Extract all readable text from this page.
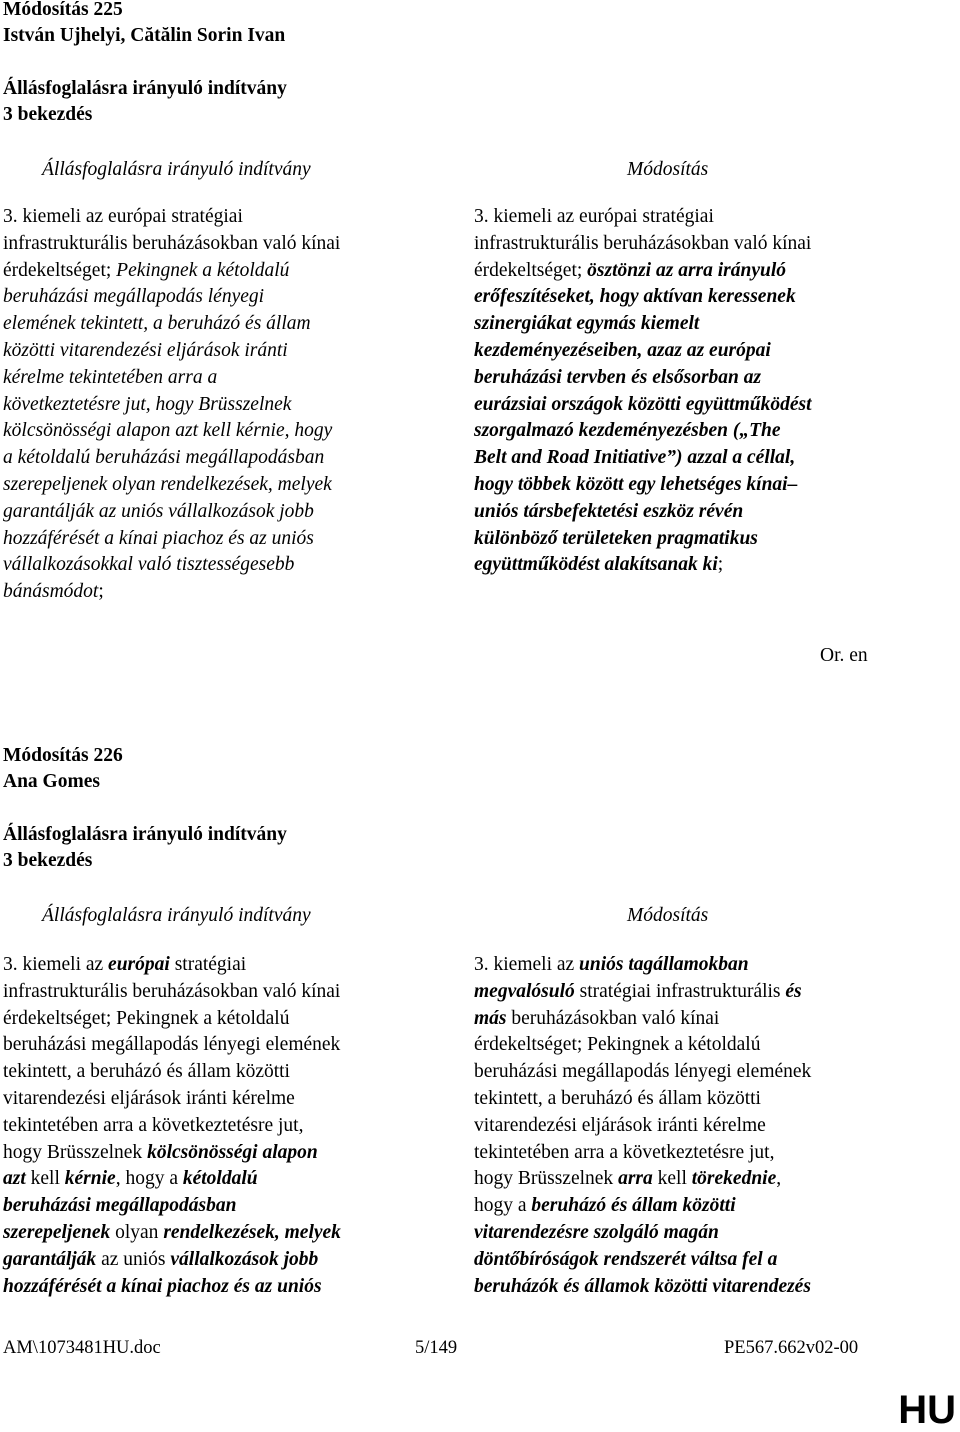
Módosítás 225
István Ujhelyi, Cătălin Sorin Ivan
Állásfoglalásra irányuló indítvány
3 bekezdés
Állásfoglalásra irányuló indítvány	Módosítás
3. kiemeli az európai stratégiai
infrastrukturális beruházásokban való kínai
érdekeltséget; Pekingnek a kétoldalú
beruházási megállapodás lényegi
elemének tekintett, a beruházó és állam
közötti vitarendezési eljárások iránti
kérelme tekintetében arra a
következtetésre jut, hogy Brüsszelnek
kölcsönösségi alapon azt kell kérnie, hogy
a kétoldalú beruházási megállapodásban
szerepeljenek olyan rendelkezések, melyek
garantálják az uniós vállalkozások jobb
hozzáférését a kínai piachoz és az uniós
vállalkozásokkal való tisztességesebb
bánásmódot;
3. kiemeli az európai stratégiai
infrastrukturális beruházásokban való kínai
érdekeltséget; ösztönzi az arra irányuló
erőfeszítéseket, hogy aktívan keressenek
szinergiákat egymás kiemelt
kezdeményezéseiben, azaz az európai
beruházási tervben és elsősorban az
eurázsiai országok közötti együttműködést
szorgalmazó kezdeményezésben („The
Belt and Road Initiative”) azzal a céllal,
hogy többek között egy lehetséges kínai–
uniós társbefektetési eszköz révén
különböző területeken pragmatikus
együttműködést alakítsanak ki;
Or. en
Módosítás 226
Ana Gomes
Állásfoglalásra irányuló indítvány
3 bekezdés
Állásfoglalásra irányuló indítvány	Módosítás
3. kiemeli az európai stratégiai
infrastrukturális beruházásokban való kínai
érdekeltséget; Pekingnek a kétoldalú
beruházási megállapodás lényegi elemének
tekintett, a beruházó és állam közötti
vitarendezési eljárások iránti kérelme
tekintetében arra a következtetésre jut,
hogy Brüsszelnek kölcsönösségi alapon
azt kell kérnie, hogy a kétoldalú
beruházási megállapodásban
szerepeljenek olyan rendelkezések, melyek
garantálják az uniós vállalkozások jobb
hozzáférését a kínai piachoz és az uniós
3. kiemeli az uniós tagállamokban
megvalósuló stratégiai infrastrukturális és
más beruházásokban való kínai
érdekeltséget; Pekingnek a kétoldalú
beruházási megállapodás lényegi elemének
tekintett, a beruházó és állam közötti
vitarendezési eljárások iránti kérelme
tekintetében arra a következtetésre jut,
hogy Brüsszelnek arra kell törekednie,
hogy a beruházó és állam közötti
vitarendezésre szolgáló magán
döntőbíróságok rendszerét váltsa fel a
beruházók és államok közötti vitarendezés
AM\1073481HU.doc	5/149	PE567.662v02-00
HU
